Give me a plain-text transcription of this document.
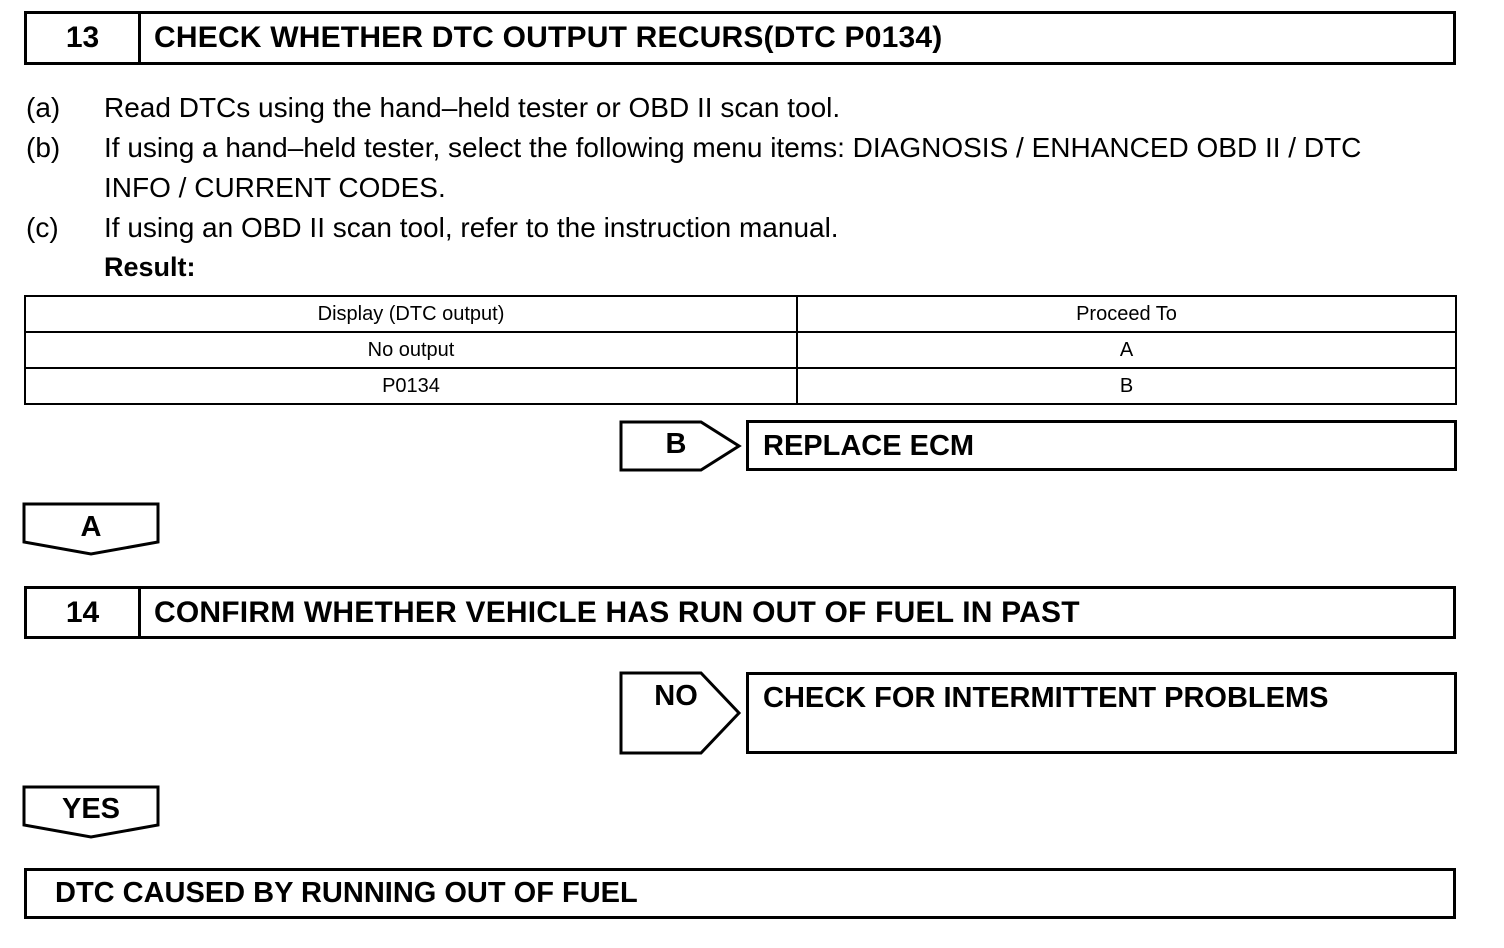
13	CHECK WHETHER DTC OUTPUT RECURS(DTC P0134)
(a) Read DTCs using the hand–held tester or OBD II scan tool.
(b) If using a hand–held tester, select the following menu items: DIAGNOSIS / ENHANCED OBD II / DTC
INFO / CURRENT CODES.
(c) If using an OBD II scan tool, refer to the instruction manual.
Result:
Display (DTC output)	Proceed To
No output	A
P0134	B
B	REPLACE ECM
A
14	CONFIRM WHETHER VEHICLE HAS RUN OUT OF FUEL IN PAST
NO	CHECK FOR INTERMITTENT PROBLEMS
YES
DTC CAUSED BY RUNNING OUT OF FUEL
